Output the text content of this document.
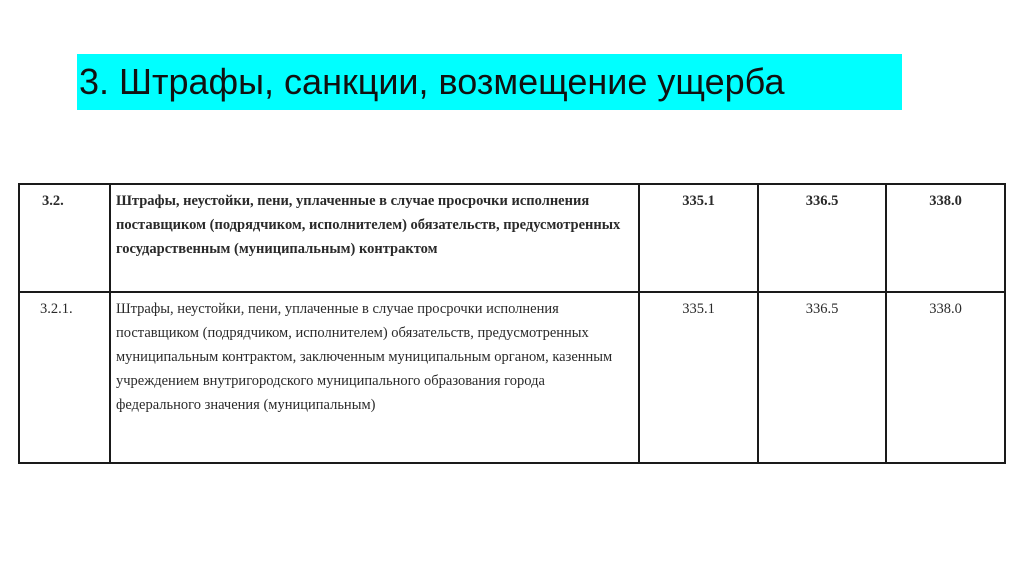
3. Штрафы, санкции, возмещение ущерба
3.2.	Штрафы, неустойки, пени, уплаченные в случае просрочки исполнения поставщиком (подрядчиком, исполнителем) обязательств, предусмотренных государственным (муниципальным) контрактом	335.1	336.5	338.0
3.2.1.	Штрафы, неустойки, пени, уплаченные в случае просрочки исполнения поставщиком (подрядчиком, исполнителем) обязательств, предусмотренных муниципальным контрактом, заключенным муниципальным органом, казенным учреждением внутригородского муниципального образования города федерального значения (муниципальным)	335.1	336.5	338.0
